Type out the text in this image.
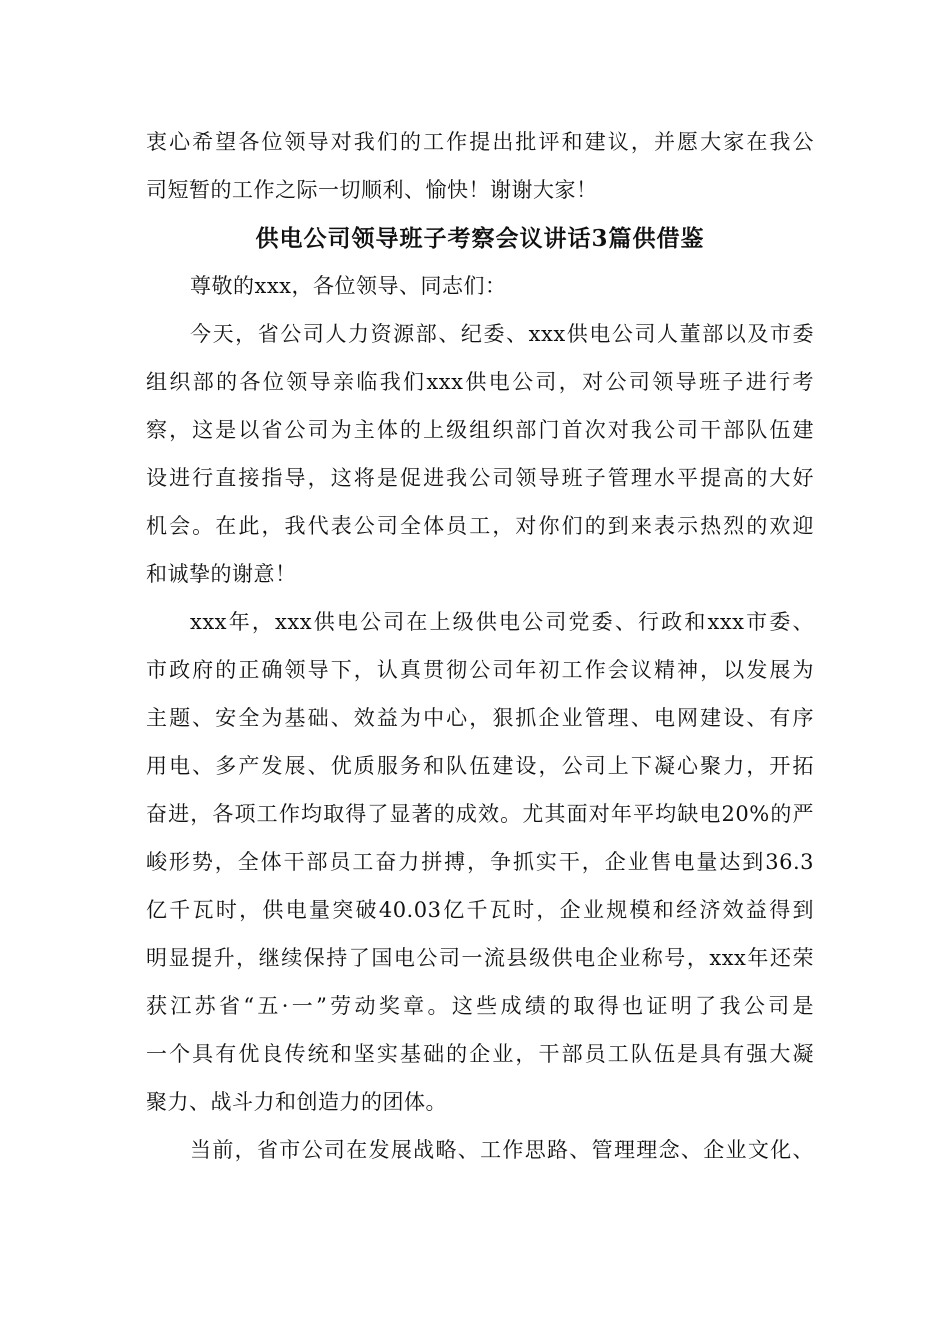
衷心希望各位领导对我们的工作提出批评和建议，并愿大家在我公
司短暂的工作之际一切顺利、愉快！谢谢大家！
供电公司领导班子考察会议讲话3篇供借鉴
尊敬的xxx，各位领导、同志们：
今天，省公司人力资源部、纪委、xxx供电公司人董部以及市委
组织部的各位领导亲临我们xxx供电公司，对公司领导班子进行考
察，这是以省公司为主体的上级组织部门首次对我公司干部队伍建
设进行直接指导，这将是促进我公司领导班子管理水平提高的大好
机会。在此，我代表公司全体员工，对你们的到来表示热烈的欢迎
和诚挚的谢意！
xxx年，xxx供电公司在上级供电公司党委、行政和xxx市委、
市政府的正确领导下，认真贯彻公司年初工作会议精神，以发展为
主题、安全为基础、效益为中心，狠抓企业管理、电网建设、有序
用电、多产发展、优质服务和队伍建设，公司上下凝心聚力，开拓
奋进，各项工作均取得了显著的成效。尤其面对年平均缺电20%的严
峻形势，全体干部员工奋力拼搏，争抓实干，企业售电量达到36.3
亿千瓦时，供电量突破40.03亿千瓦时，企业规模和经济效益得到
明显提升，继续保持了国电公司一流县级供电企业称号，xxx年还荣
获江苏省“五·一”劳动奖章。这些成绩的取得也证明了我公司是
一个具有优良传统和坚实基础的企业，干部员工队伍是具有强大凝
聚力、战斗力和创造力的团体。
当前，省市公司在发展战略、工作思路、管理理念、企业文化、
